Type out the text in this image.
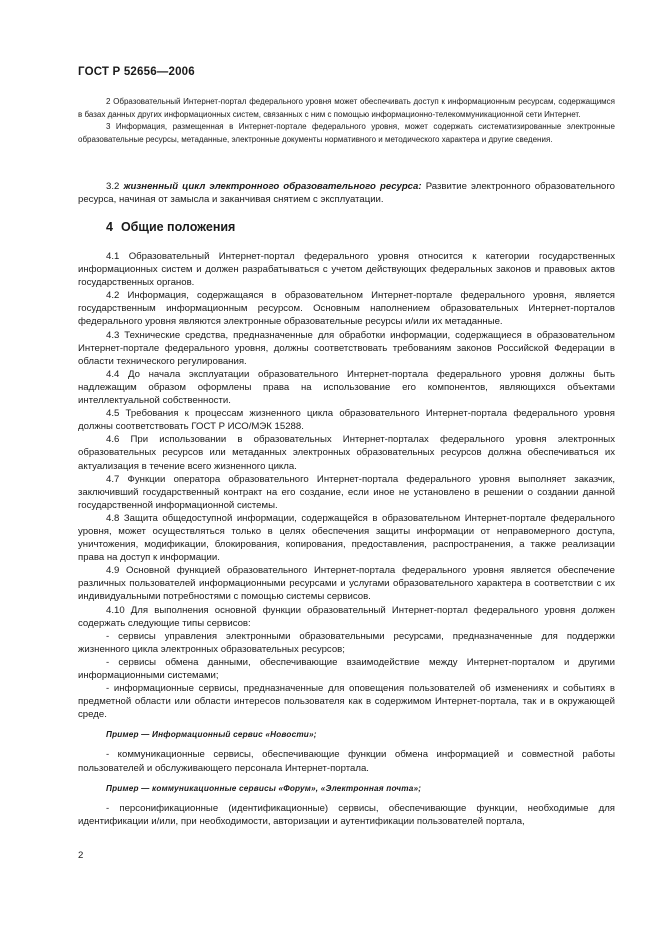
ГОСТ Р 52656—2006

2 Образовательный Интернет-портал федерального уровня может обеспечивать доступ к информационным ресурсам, содержащимся в базах данных других информационных систем, связанных с ним с помощью информационно-телекоммуникационной сети Интернет.

3 Информация, размещенная в Интернет-портале федерального уровня, может содержать систематизированные электронные образовательные ресурсы, метаданные, электронные документы нормативного и методического характера и другие сведения.

3.2 жизненный цикл электронного образовательного ресурса: Развитие электронного образовательного ресурса, начиная от замысла и заканчивая снятием с эксплуатации.

4 Общие положения

4.1 Образовательный Интернет-портал федерального уровня относится к категории государственных информационных систем и должен разрабатываться с учетом действующих федеральных законов и правовых актов государственных органов.

4.2 Информация, содержащаяся в образовательном Интернет-портале федерального уровня, является государственным информационным ресурсом. Основным наполнением образовательных Интернет-порталов федерального уровня являются электронные образовательные ресурсы и/или их метаданные.

4.3 Технические средства, предназначенные для обработки информации, содержащиеся в образовательном Интернет-портале федерального уровня, должны соответствовать требованиям законов Российской Федерации в области технического регулирования.

4.4 До начала эксплуатации образовательного Интернет-портала федерального уровня должны быть надлежащим образом оформлены права на использование его компонентов, являющихся объектами интеллектуальной собственности.

4.5 Требования к процессам жизненного цикла образовательного Интернет-портала федерального уровня должны соответствовать ГОСТ Р ИСО/МЭК 15288.

4.6 При использовании в образовательных Интернет-порталах федерального уровня электронных образовательных ресурсов или метаданных электронных образовательных ресурсов должна обеспечиваться их актуализация в течение всего жизненного цикла.

4.7 Функции оператора образовательного Интернет-портала федерального уровня выполняет заказчик, заключивший государственный контракт на его создание, если иное не установлено в решении о создании данной государственной информационной системы.

4.8 Защита общедоступной информации, содержащейся в образовательном Интернет-портале федерального уровня, может осуществляться только в целях обеспечения защиты информации от неправомерного доступа, уничтожения, модификации, блокирования, копирования, предоставления, распространения, а также реализации права на доступ к информации.

4.9 Основной функцией образовательного Интернет-портала федерального уровня является обеспечение различных пользователей информационными ресурсами и услугами образовательного характера в соответствии с их индивидуальными потребностями с помощью системы сервисов.

4.10 Для выполнения основной функции образовательный Интернет-портал федерального уровня должен содержать следующие типы сервисов:

- сервисы управления электронными образовательными ресурсами, предназначенные для поддержки жизненного цикла электронных образовательных ресурсов;

- сервисы обмена данными, обеспечивающие взаимодействие между Интернет-порталом и другими информационными системами;

- информационные сервисы, предназначенные для оповещения пользователей об изменениях и событиях в предметной области или области интересов пользователя как в содержимом Интернет-портала, так и в окружающей среде.

Пример — Информационный сервис «Новости»;

- коммуникационные сервисы, обеспечивающие функции обмена информацией и совместной работы пользователей и обслуживающего персонала Интернет-портала.

Пример — коммуникационные сервисы «Форум», «Электронная почта»;

- персонификационные (идентификационные) сервисы, обеспечивающие функции, необходимые для идентификации и/или, при необходимости, авторизации и аутентификации пользователей портала,

2
